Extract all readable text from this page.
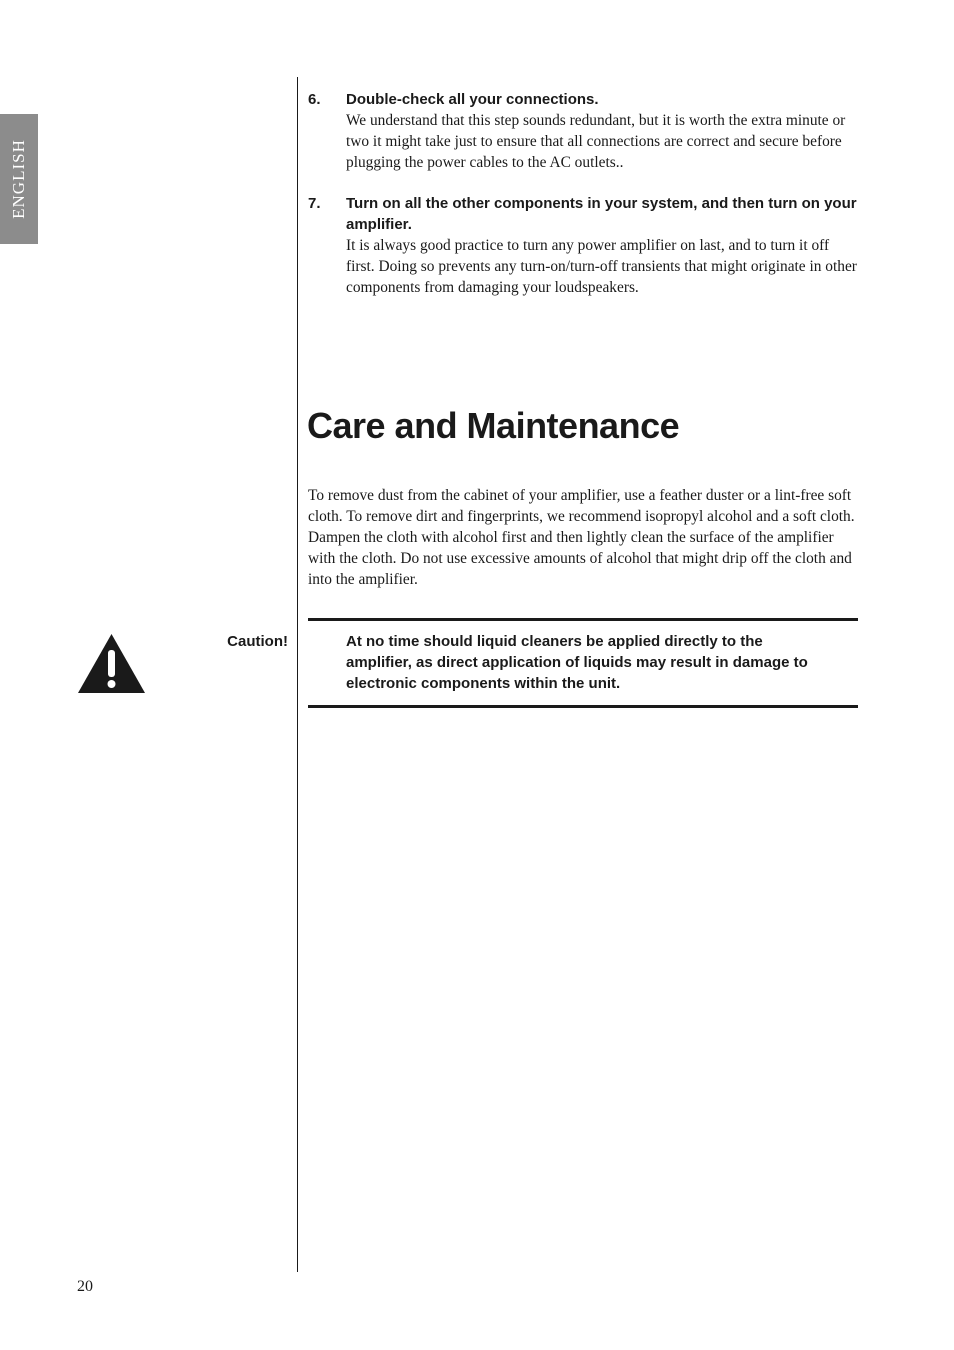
ENGLISH
6. Double-check all your connections.
We understand that this step sounds redundant, but it is worth the extra minute or two it might take just to ensure that all connections are correct and secure before plugging the power cables to the AC outlets..
7. Turn on all the other components in your system, and then turn on your amplifier.
It is always good practice to turn any power amplifier on last, and to turn it off first. Doing so prevents any turn-on/turn-off transients that might originate in other components from damaging your loudspeakers.
Care and Maintenance
To remove dust from the cabinet of your amplifier, use a feather duster or a lint-free soft cloth. To remove dirt and fingerprints, we recommend isopropyl alcohol and a soft cloth. Dampen the cloth with alcohol first and then lightly clean the surface of the amplifier with the cloth. Do not use excessive amounts of alcohol that might drip off the cloth and into the amplifier.
Caution!	At no time should liquid cleaners be applied directly to the amplifier, as direct application of liquids may result in damage to electronic components within the unit.
20
